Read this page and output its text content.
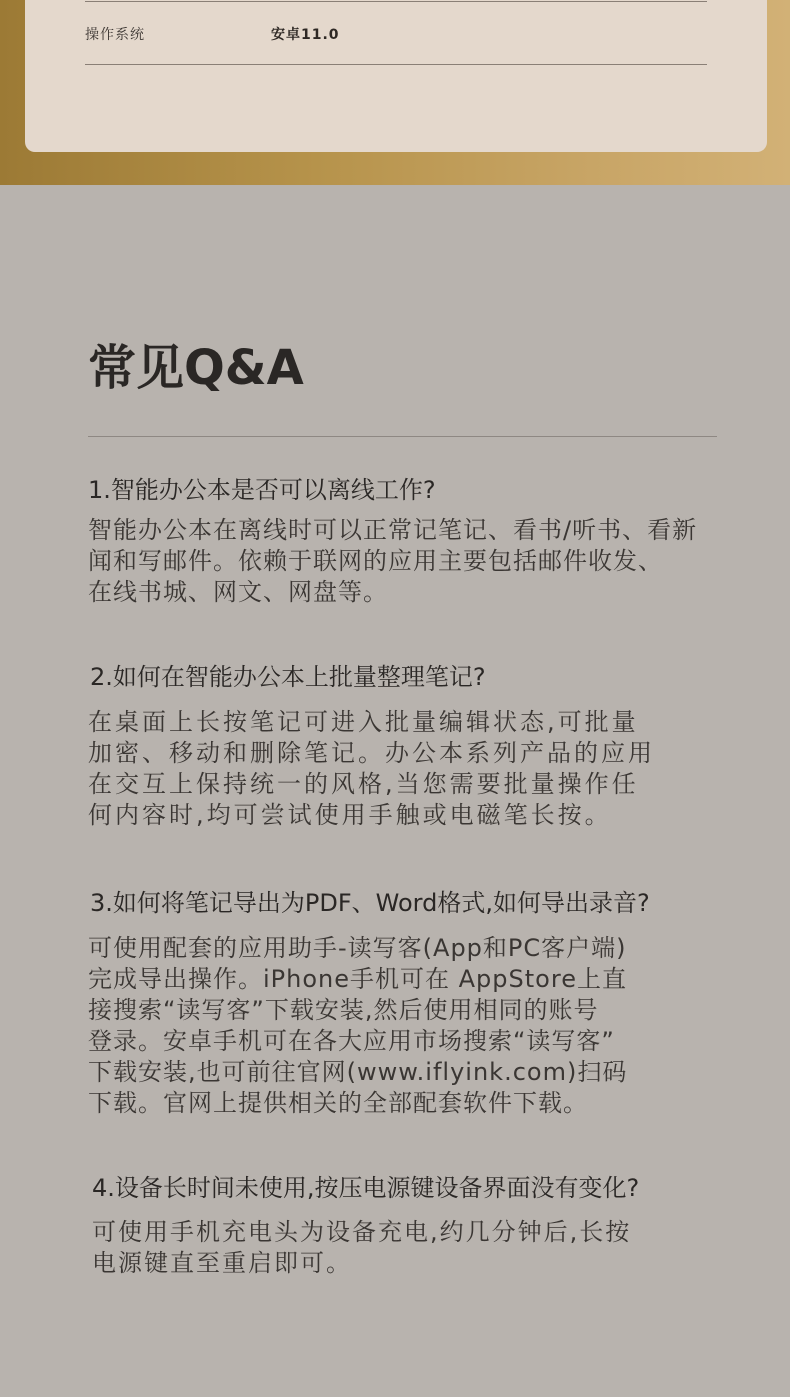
操作系统	安卓11.0
常见Q&A
1.智能办公本是否可以离线工作?
智能办公本在离线时可以正常记笔记、看书/听书、看新
闻和写邮件。依赖于联网的应用主要包括邮件收发、
在线书城、网文、网盘等。
2.如何在智能办公本上批量整理笔记?
在桌面上长按笔记可进入批量编辑状态,可批量
加密、移动和删除笔记。办公本系列产品的应用
在交互上保持统一的风格,当您需要批量操作任
何内容时,均可尝试使用手触或电磁笔长按。
3.如何将笔记导出为PDF、Word格式,如何导出录音?
可使用配套的应用助手-读写客(App和PC客户端)
完成导出操作。iPhone手机可在 AppStore上直
接搜索“读写客”下载安装,然后使用相同的账号
登录。安卓手机可在各大应用市场搜索“读写客”
下载安装,也可前往官网(www.iflyink.com)扫码
下载。官网上提供相关的全部配套软件下载。
4.设备长时间未使用,按压电源键设备界面没有变化?
可使用手机充电头为设备充电,约几分钟后,长按
电源键直至重启即可。
